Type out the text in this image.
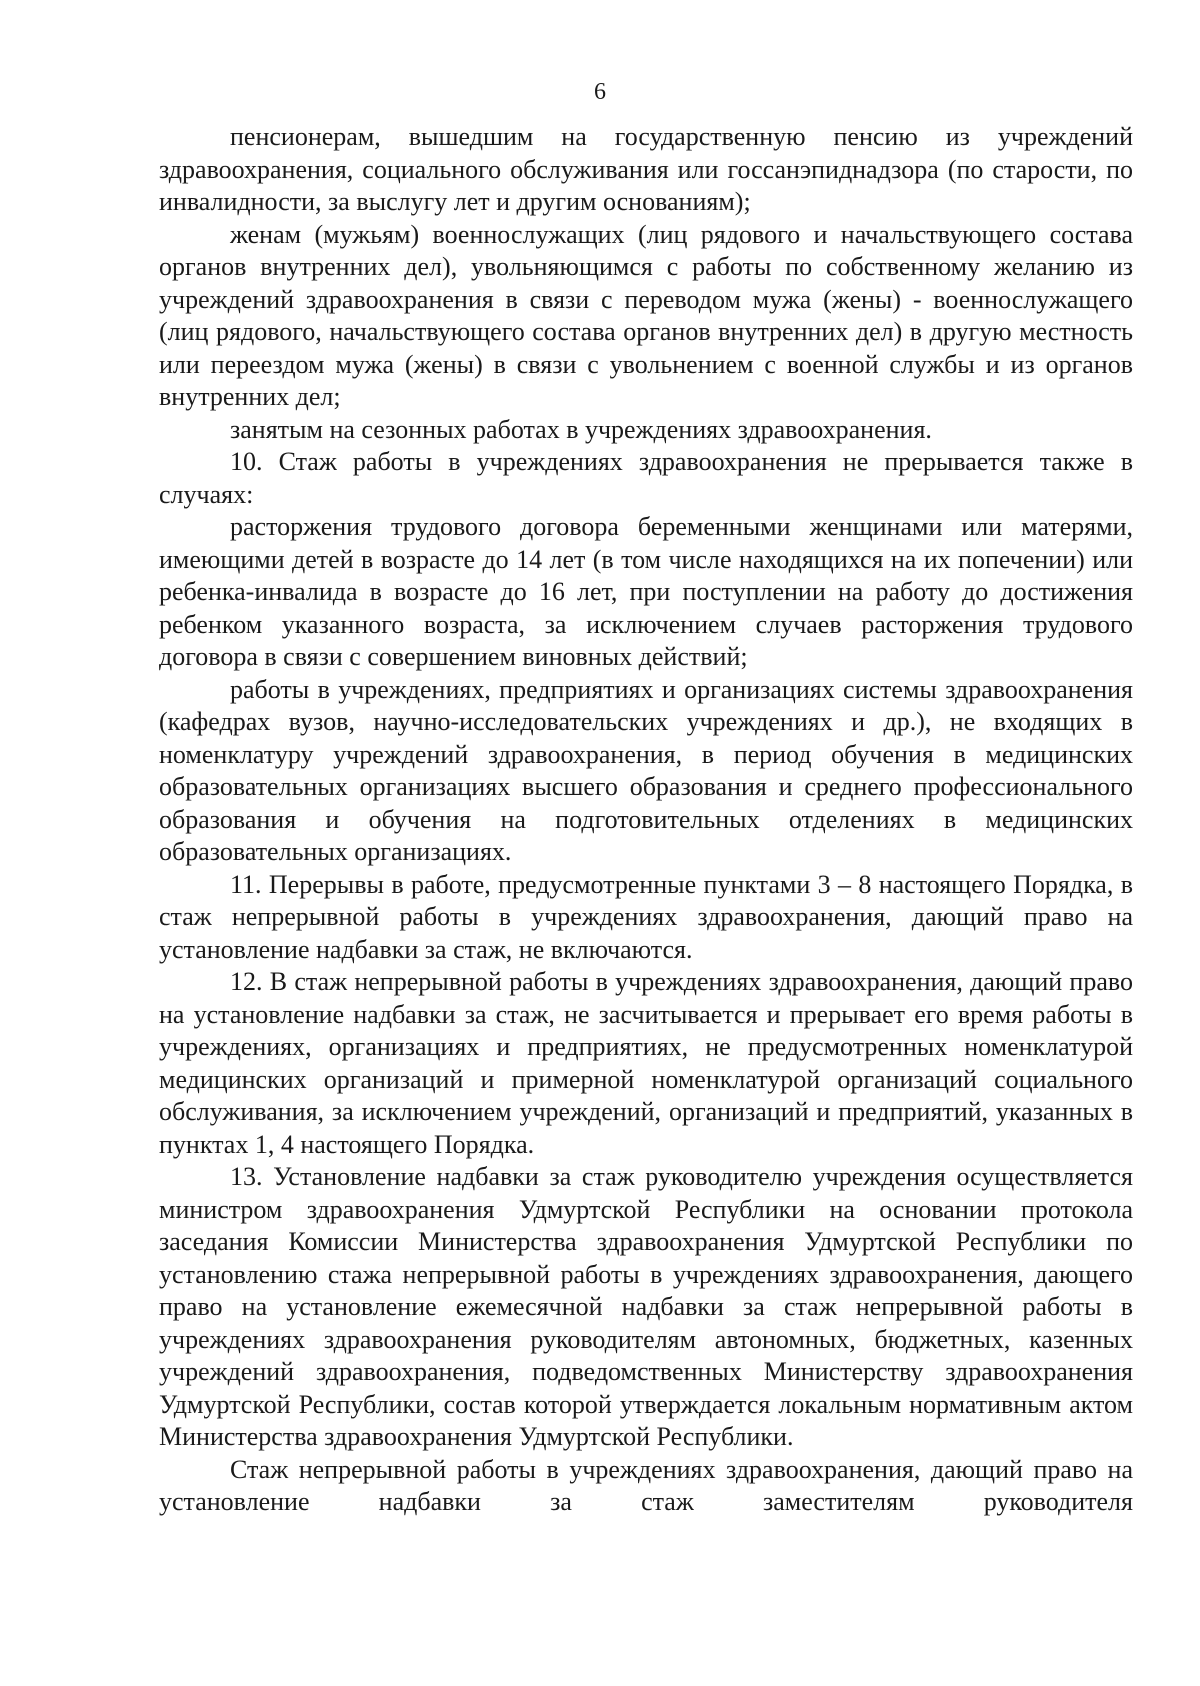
6

пенсионерам, вышедшим на государственную пенсию из учреждений здравоохранения, социального обслуживания или госсанэпиднадзора (по старости, по инвалидности, за выслугу лет и другим основаниям);

женам (мужьям) военнослужащих (лиц рядового и начальствующего состава органов внутренних дел), увольняющимся с работы по собственному желанию из учреждений здравоохранения в связи с переводом мужа (жены) - военнослужащего (лиц рядового, начальствующего состава органов внутренних дел) в другую местность или переездом мужа (жены) в связи с увольнением с военной службы и из органов внутренних дел;

занятым на сезонных работах в учреждениях здравоохранения.

10. Стаж работы в учреждениях здравоохранения не прерывается также в случаях:

расторжения трудового договора беременными женщинами или матерями, имеющими детей в возрасте до 14 лет (в том числе находящихся на их попечении) или ребенка-инвалида в возрасте до 16 лет, при поступлении на работу до достижения ребенком указанного возраста, за исключением случаев расторжения трудового договора в связи с совершением виновных действий;

работы в учреждениях, предприятиях и организациях системы здравоохранения (кафедрах вузов, научно-исследовательских учреждениях и др.), не входящих в номенклатуру учреждений здравоохранения, в период обучения в медицинских образовательных организациях высшего образования и среднего профессионального образования и обучения на подготовительных отделениях в медицинских образовательных организациях.

11. Перерывы в работе, предусмотренные пунктами 3 – 8 настоящего Порядка, в стаж непрерывной работы в учреждениях здравоохранения, дающий право на установление надбавки за стаж, не включаются.

12. В стаж непрерывной работы в учреждениях здравоохранения, дающий право на установление надбавки за стаж, не засчитывается и прерывает его время работы в учреждениях, организациях и предприятиях, не предусмотренных номенклатурой медицинских организаций и примерной номенклатурой организаций социального обслуживания, за исключением учреждений, организаций и предприятий, указанных в пунктах 1, 4 настоящего Порядка.

13. Установление надбавки за стаж руководителю учреждения осуществляется министром здравоохранения Удмуртской Республики на основании протокола заседания Комиссии Министерства здравоохранения Удмуртской Республики по установлению стажа непрерывной работы в учреждениях здравоохранения, дающего право на установление ежемесячной надбавки за стаж непрерывной работы в учреждениях здравоохранения руководителям автономных, бюджетных, казенных учреждений здравоохранения, подведомственных Министерству здравоохранения Удмуртской Республики, состав которой утверждается локальным нормативным актом Министерства здравоохранения Удмуртской Республики.

Стаж непрерывной работы в учреждениях здравоохранения, дающий право на установление надбавки за стаж заместителям руководителя
